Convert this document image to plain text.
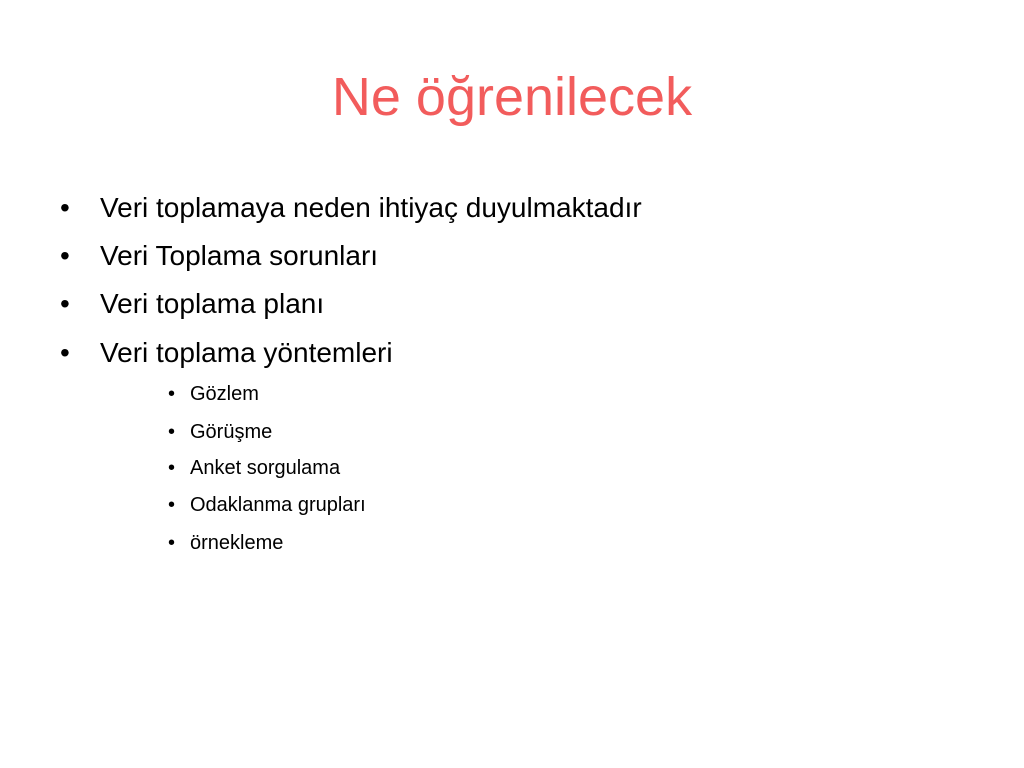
Ne öğrenilecek
• Veri toplamaya neden ihtiyaç duyulmaktadır
• Veri Toplama sorunları
• Veri toplama planı
• Veri toplama yöntemleri
• Gözlem
• Görüşme
• Anket sorgulama
• Odaklanma grupları
• örnekleme
